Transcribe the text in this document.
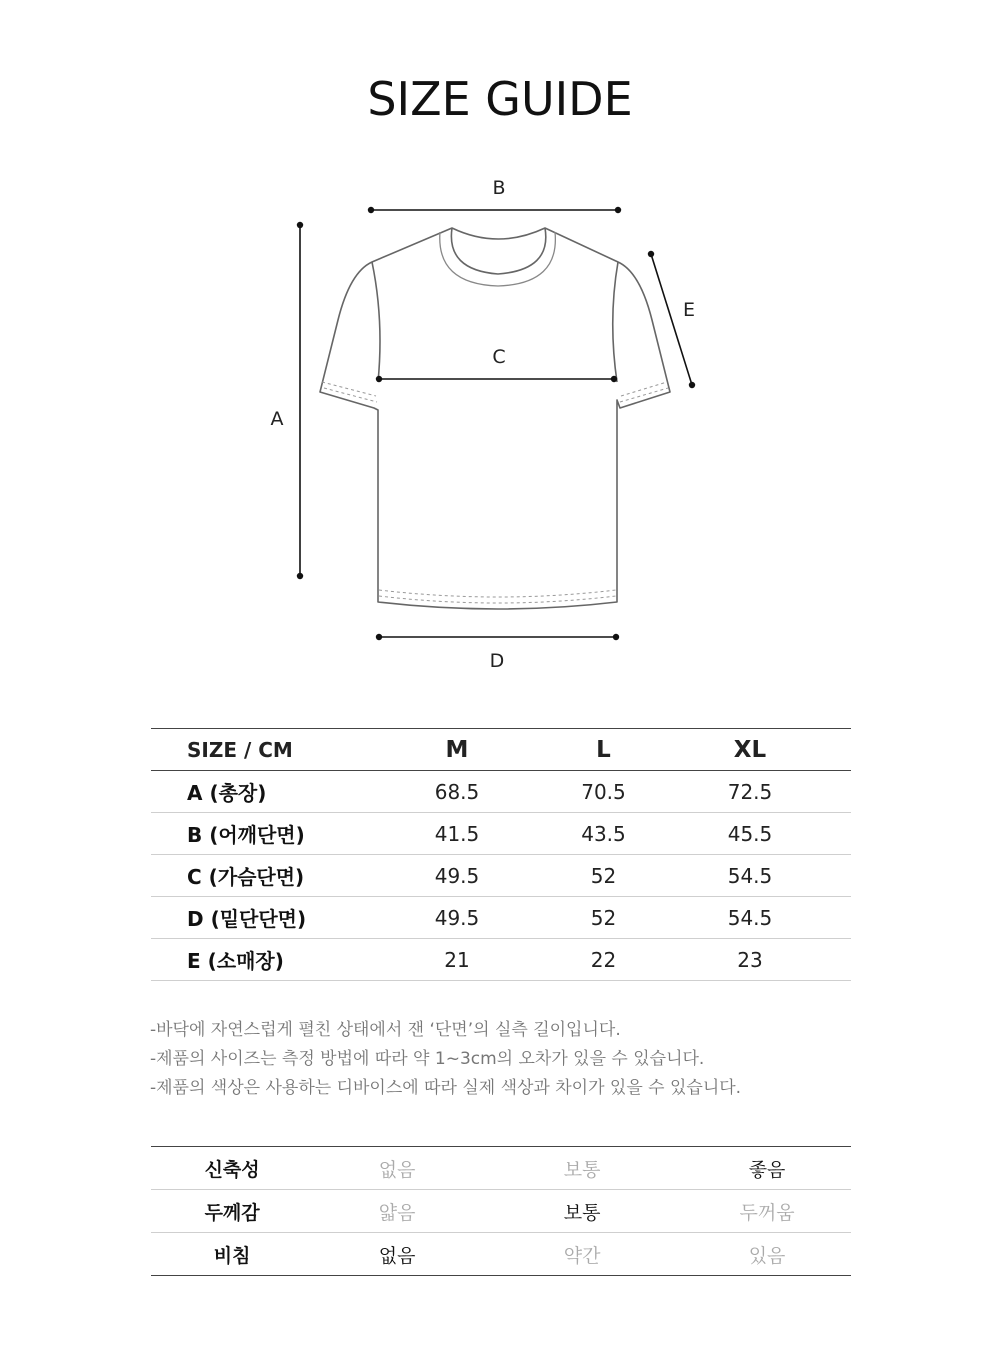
SIZE GUIDE
A
B
C
D
E
SIZE / CM	M	L	XL	
A (총장)	68.5	70.5	72.5	
B (어깨단면)	41.5	43.5	45.5	
C (가슴단면)	49.5	52	54.5	
D (밑단단면)	49.5	52	54.5	
E (소매장)	21	22	23	
-바닥에 자연스럽게 펼친 상태에서 잰 ‘단면’의 실측 길이입니다.
-제품의 사이즈는 측정 방법에 따라 약 1~3cm의 오차가 있을 수 있습니다.
-제품의 색상은 사용하는 디바이스에 따라 실제 색상과 차이가 있을 수 있습니다.
신축성	없음	보통	좋음
두께감	얇음	보통	두꺼움
비침	없음	약간	있음
